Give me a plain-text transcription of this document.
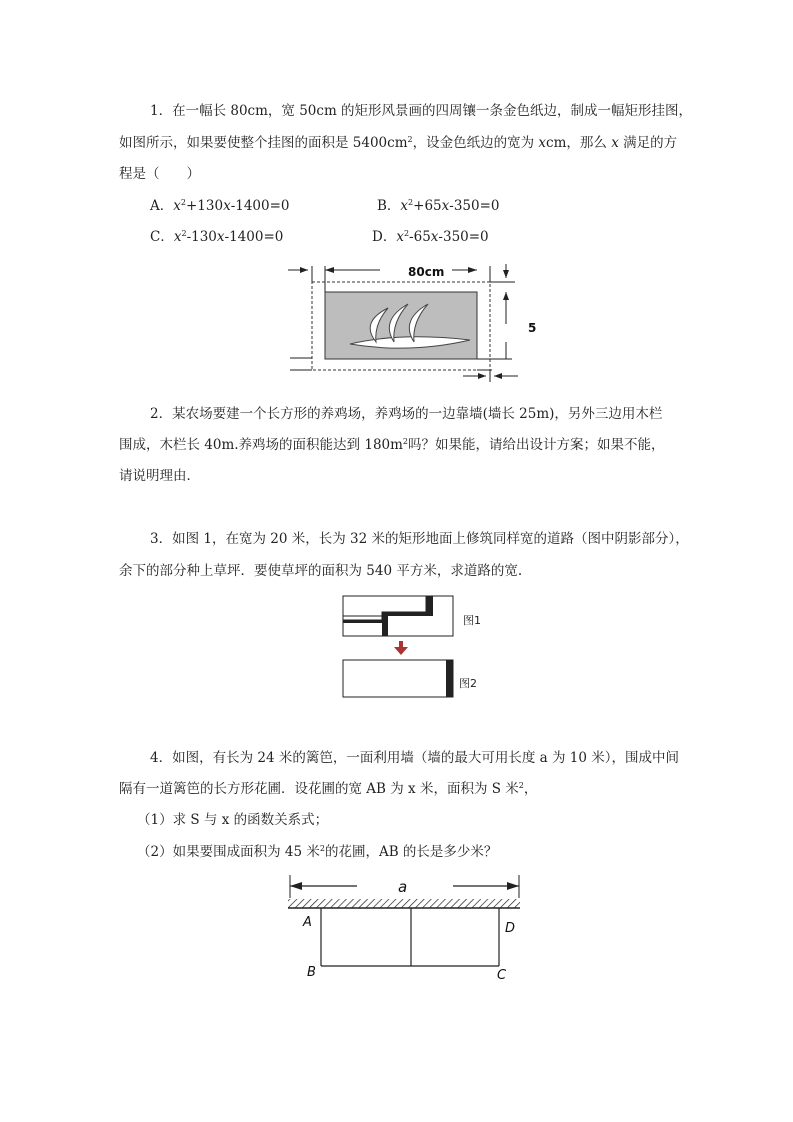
1．在一幅长 80cm，宽 50cm 的矩形风景画的四周镶一条金色纸边，制成一幅矩形挂图，
如图所示，如果要使整个挂图的面积是 $5400cm^2$，设金色纸边的宽为 xcm，那么 x 满足的方
程是（　　）
A．$x^2+130x-1400=0$	B．$x^2+65x-350=0$
C．$x^2-130x-1400=0$	D．$x^2-65x-350=0$
80cm
5
2．某农场要建一个长方形的养鸡场，养鸡场的一边靠墙(墙长 25m)，另外三边用木栏
围成，木栏长 40m.养鸡场的面积能达到 $180m^2$吗？如果能，请给出设计方案；如果不能，
请说明理由．
3．如图 1，在宽为 20 米，长为 32 米的矩形地面上修筑同样宽的道路（图中阴影部分），
余下的部分种上草坪．要使草坪的面积为 540 平方米，求道路的宽.
图1
图2
4．如图，有长为 24 米的篱笆，一面利用墙（墙的最大可用长度 a 为 10 米），围成中间
隔有一道篱笆的长方形花圃．设花圃的宽 AB 为 x 米，面积为 S 米$^2$，
（1）求 S 与 x 的函数关系式；
（2）如果要围成面积为 45 米$^2$的花圃，AB 的长是多少米？
a
A
B	C
D
